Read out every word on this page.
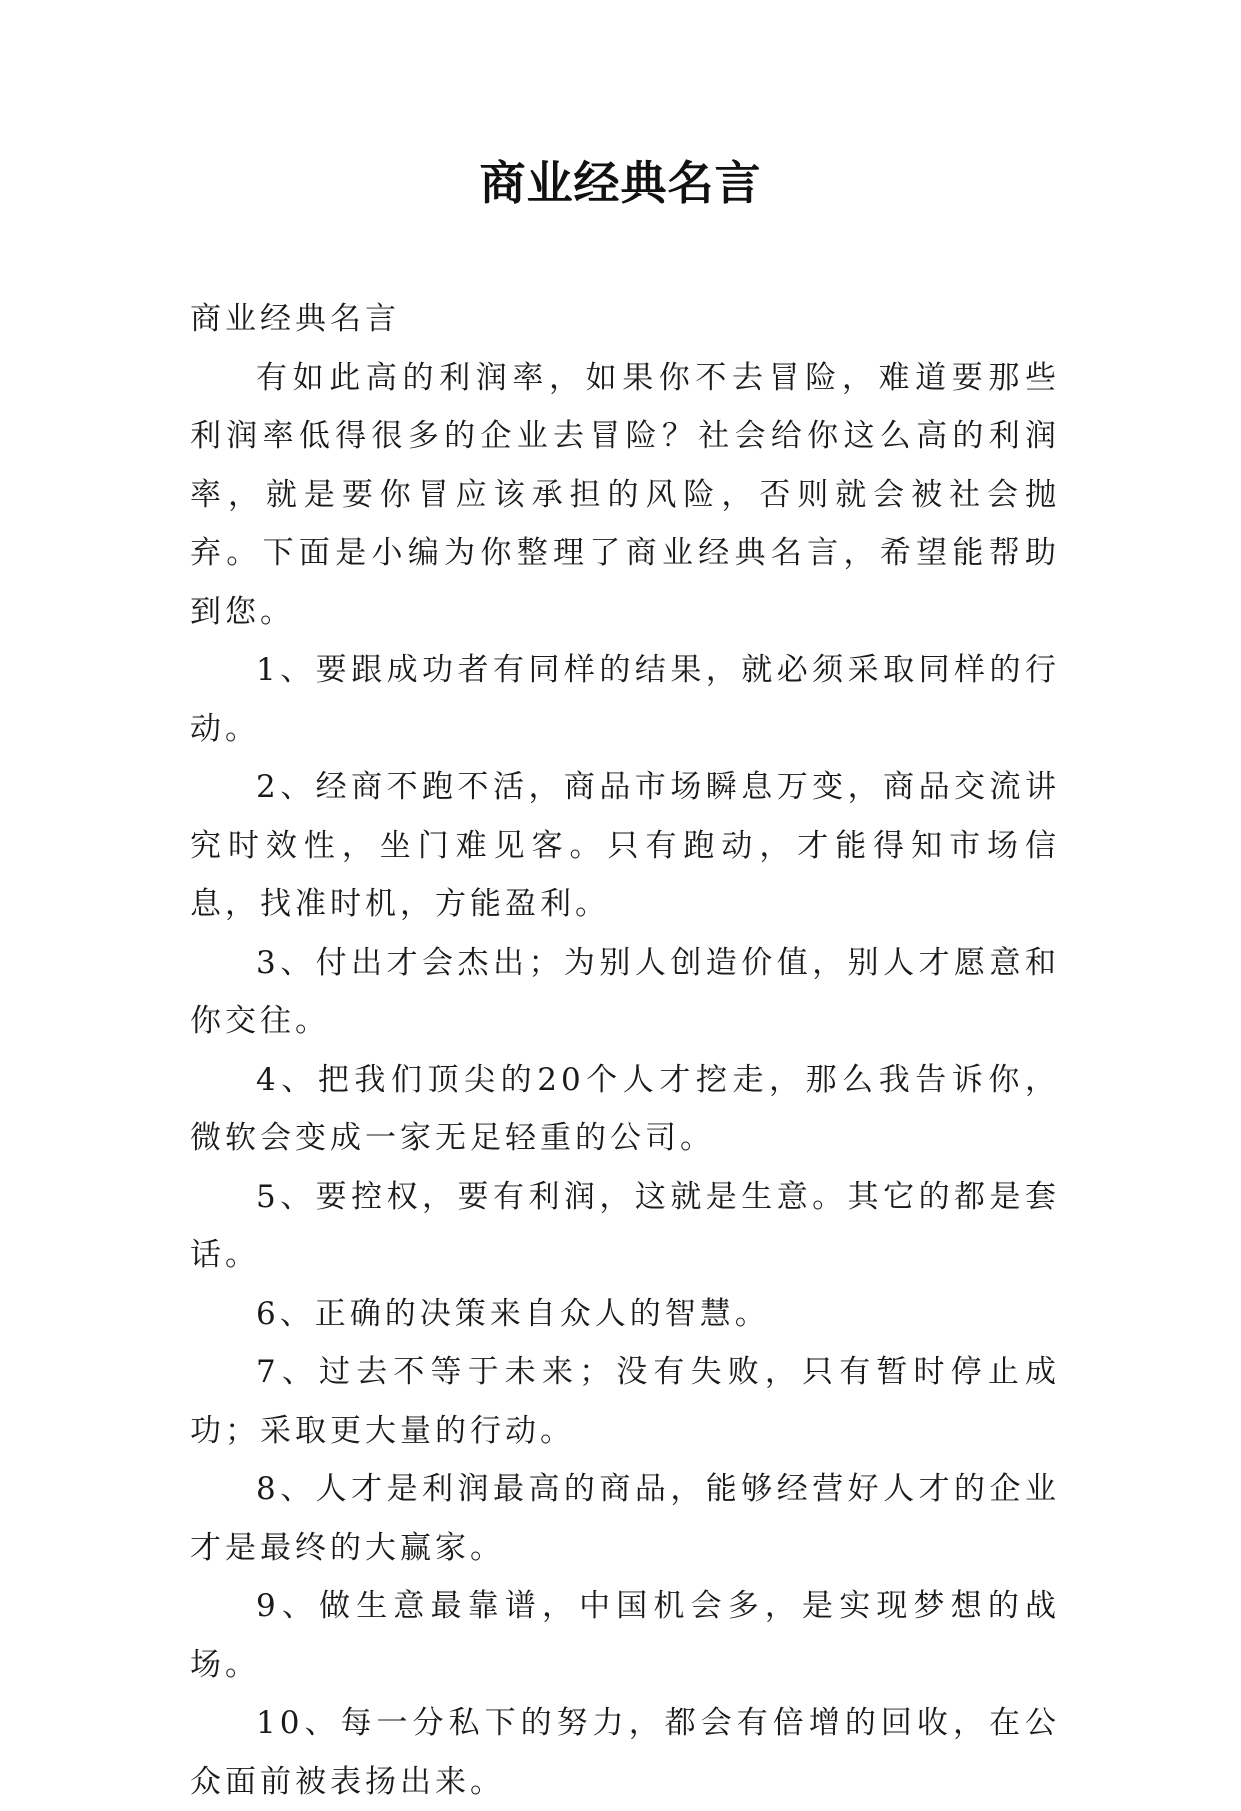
商业经典名言

商业经典名言

有如此高的利润率，如果你不去冒险，难道要那些利润率低得很多的企业去冒险？社会给你这么高的利润率，就是要你冒应该承担的风险，否则就会被社会抛弃。下面是小编为你整理了商业经典名言，希望能帮助到您。

1、要跟成功者有同样的结果，就必须采取同样的行动。

2、经商不跑不活，商品市场瞬息万变，商品交流讲究时效性，坐门难见客。只有跑动，才能得知市场信息，找准时机，方能盈利。

3、付出才会杰出；为别人创造价值，别人才愿意和你交往。

4、把我们顶尖的20个人才挖走，那么我告诉你，微软会变成一家无足轻重的公司。

5、要控权，要有利润，这就是生意。其它的都是套话。

6、正确的决策来自众人的智慧。

7、过去不等于未来；没有失败，只有暂时停止成功；采取更大量的行动。

8、人才是利润最高的商品，能够经营好人才的企业才是最终的大赢家。

9、做生意最靠谱，中国机会多，是实现梦想的战场。

10、每一分私下的努力，都会有倍增的回收，在公众面前被表扬出来。
